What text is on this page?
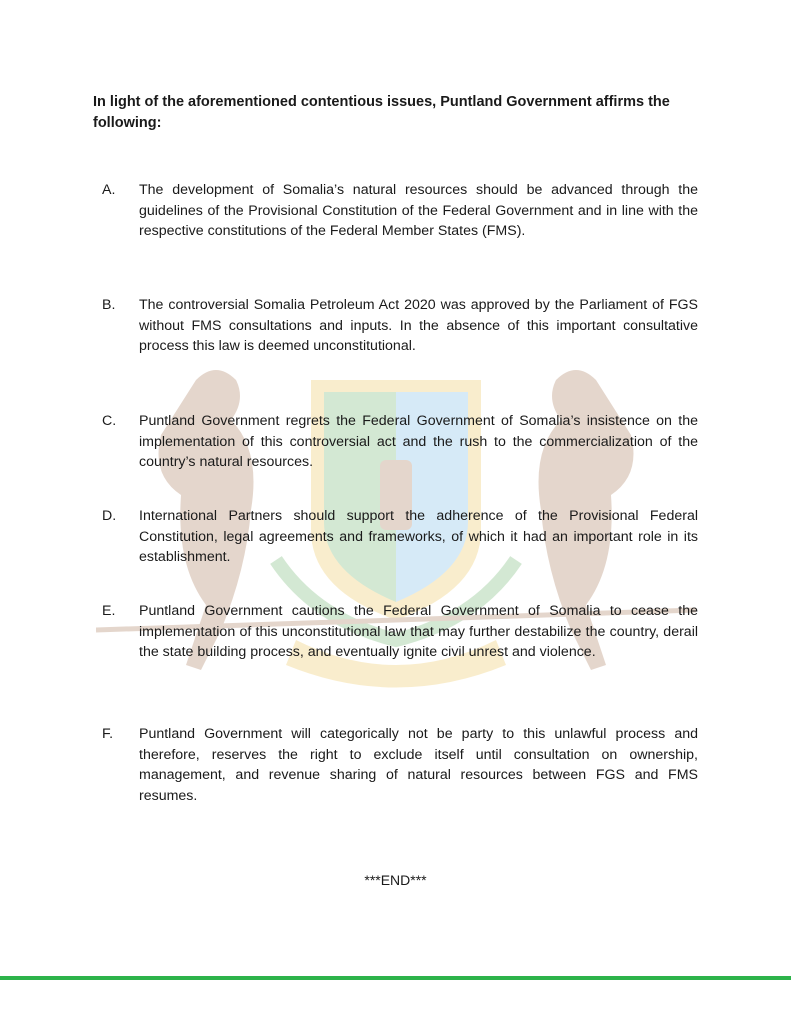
In light of the aforementioned contentious issues, Puntland Government affirms the following:
A. The development of Somalia’s natural resources should be advanced through the guidelines of the Provisional Constitution of the Federal Government and in line with the respective constitutions of the Federal Member States (FMS).
B. The controversial Somalia Petroleum Act 2020 was approved by the Parliament of FGS without FMS consultations and inputs. In the absence of this important consultative process this law is deemed unconstitutional.
C. Puntland Government regrets the Federal Government of Somalia’s insistence on the implementation of this controversial act and the rush to the commercialization of the country’s natural resources.
D. International Partners should support the adherence of the Provisional Federal Constitution, legal agreements and frameworks, of which it had an important role in its establishment.
E. Puntland Government cautions the Federal Government of Somalia to cease the implementation of this unconstitutional law that may further destabilize the country, derail the state building process, and eventually ignite civil unrest and violence.
F. Puntland Government will categorically not be party to this unlawful process and therefore, reserves the right to exclude itself until consultation on ownership, management, and revenue sharing of natural resources between FGS and FMS resumes.
***END***
